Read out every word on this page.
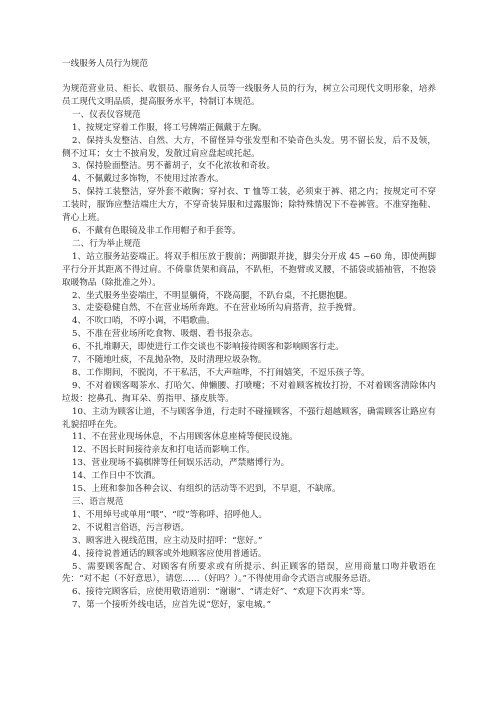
一线服务人员行为规范

为规范营业员、柜长、收银员、服务台人员等一线服务人员的行为，树立公司现代文明形象，培养员工现代文明品质，提高服务水平，特制订本规范。

一、仪表仪容规范

1、按规定穿着工作服，将工号牌端正佩戴于左胸。

2、保持头发整洁、自然、大方，不留怪异夸张发型和不染奇色头发。男不留长发，后不及领，侧不过耳；女士不披肩发，发散过肩应盘起或托起。

3、保持脸面整洁。男不蓄胡子，女不化浓妆和奇妆。

4、不佩戴过多饰物，不使用过浓香水。

5、保持工装整洁，穿外套不敞胸；穿衬衣、T 恤等工装，必须束于裤、裙之内；按规定可不穿工装时，服饰应整洁端庄大方，不穿奇装异服和过露服饰；除特殊情况下不卷裤管。不准穿拖鞋、背心上班。

6、不戴有色眼镜及非工作用帽子和手套等。

二、行为举止规范

1、站立服务站姿端正。将双手相压放于腹前；两脚跟并拢，脚尖分开成 45 ~60 角，即使两脚平行分开其距离不得过肩。不倚靠货架和商品，不趴柜，不抱臂或叉腰，不插袋或插袖管，不抱袋取暖物品（除批准之外）。

2、坐式服务坐姿端庄，不明显躺倚，不跷高腿，不趴台桌，不托腮抱腿。

3、走姿稳健自然，不在营业场所奔跑。不在营业场所勾肩搭背，拉手挽臂。

4、不吹口哨，不哼小调，不唱歌曲。

5、不准在营业场所吃食物、吸烟、看书报杂志。

6、不扎堆聊天，即使进行工作交谈也不影响接待顾客和影响顾客行走。

7、不随地吐痰，不乱抛杂物，及时清理垃圾杂物。

8、工作期间，不脱岗，不干私活，不大声喧哗，不打闹嬉笑，不逗乐孩子等。

9、不对着顾客喝茶水、打哈欠、伸懒腰、打喷嚏；不对着顾客梳妆打扮，不对着顾客清除体内垃圾：挖鼻孔、掏耳朵、剪指甲、搔皮肤等。

10、主动为顾客让道，不与顾客争道，行走时不碰撞顾客，不强行超越顾客，确需顾客让路应有礼貌招呼在先。

11、不在营业现场休息，不占用顾客休息座椅等便民设施。

12、不因长时间接待亲友和打电话而影响工作。

13、营业现场不搞棋牌等任何娱乐活动，严禁赌博行为。

14、工作日中不饮酒。

15、上班和参加各种会议、有组织的活动等不迟到，不早退，不缺席。

三、语言规范

1、不用绰号或单用“喂”、“哎”等称呼、招呼他人。

2、不说粗言俗语，污言秽语。

3、顾客进入视线范围，应主动及时招呼：“您好。”

4、接待说普通话的顾客或外地顾客应使用普通话。

5、需要顾客配合、对顾客有所要求或有所提示、纠正顾客的错误，应用商量口吻并敬语在先：“对不起（不好意思），请您……（好吗？）。”不得使用命令式语言或服务忌语。

6、接待完顾客后，应使用敬语道别：“谢谢”、“请走好”、“欢迎下次再来”等。

7、第一个接听外线电话，应首先说“您好，家电城。”
